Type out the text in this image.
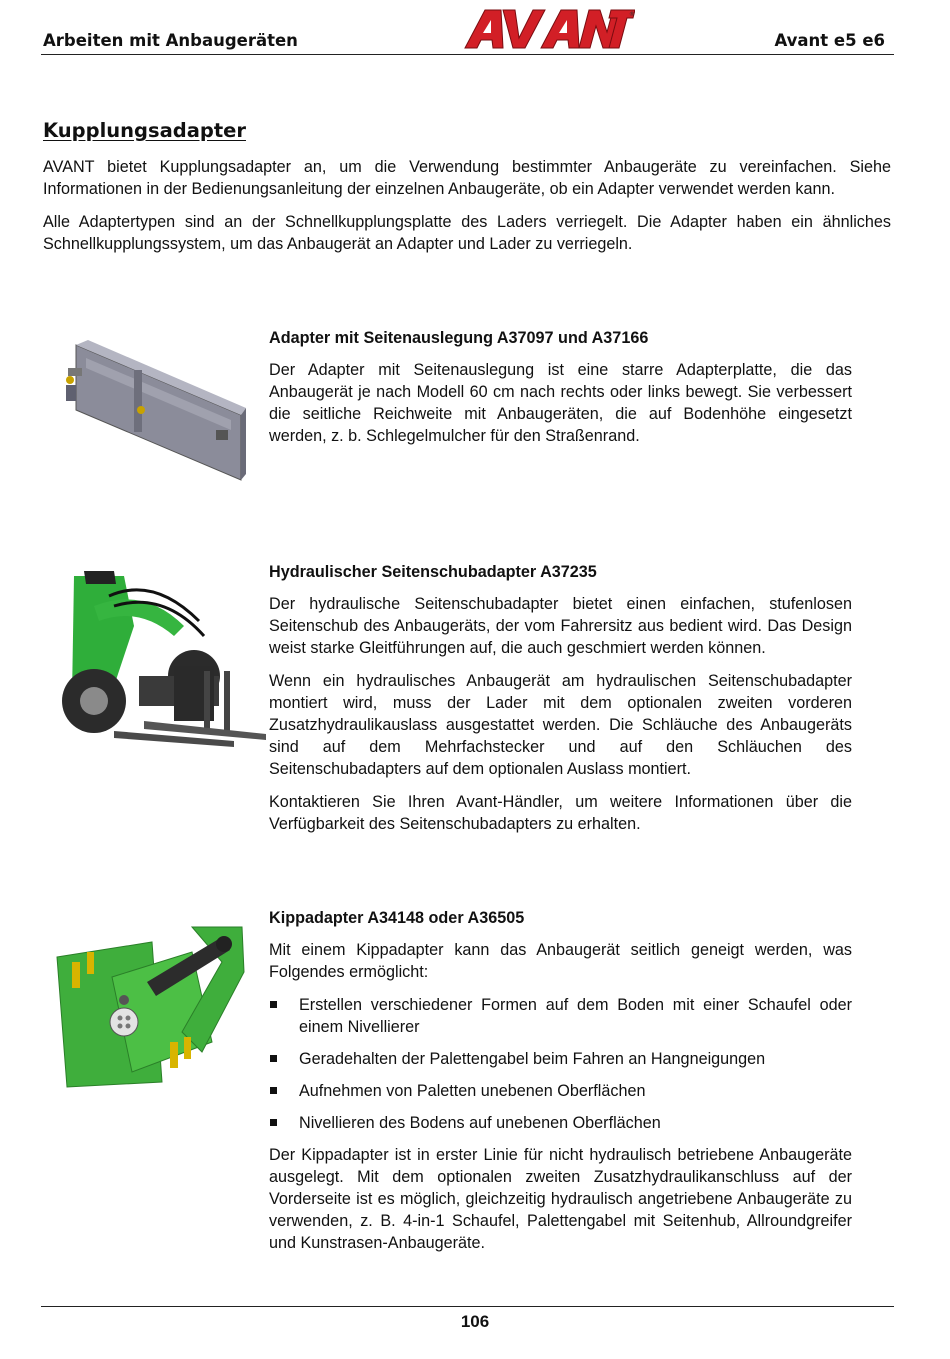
Arbeiten mit Anbaugeräten	Avant e5 e6
®
Kupplungsadapter
AVANT bietet Kupplungsadapter an, um die Verwendung bestimmter Anbaugeräte zu vereinfachen. Siehe Informationen in der Bedienungsanleitung der einzelnen Anbaugeräte, ob ein Adapter verwendet werden kann.
Alle Adaptertypen sind an der Schnellkupplungsplatte des Laders verriegelt. Die Adapter haben ein ähnliches Schnellkupplungssystem, um das Anbaugerät an Adapter und Lader zu verriegeln.
Adapter mit Seitenauslegung A37097 und A37166

Der Adapter mit Seitenauslegung ist eine starre Adapterplatte, die das Anbaugerät je nach Modell 60 cm nach rechts oder links bewegt. Sie verbessert die seitliche Reichweite mit Anbaugeräten, die auf Bodenhöhe eingesetzt werden, z. b. Schlegelmulcher für den Straßenrand.

Hydraulischer Seitenschubadapter A37235

Der hydraulische Seitenschubadapter bietet einen einfachen, stufenlosen Seitenschub des Anbaugeräts, der vom Fahrersitz aus bedient wird. Das Design weist starke Gleitführungen auf, die auch geschmiert werden können.

Wenn ein hydraulisches Anbaugerät am hydraulischen Seitenschubadapter montiert wird, muss der Lader mit dem optionalen zweiten vorderen Zusatzhydraulikauslass ausgestattet werden. Die Schläuche des Anbaugeräts sind auf dem Mehrfachstecker und auf den Schläuchen des Seitenschubadapters auf dem optionalen Auslass montiert.

Kontaktieren Sie Ihren Avant-Händler, um weitere Informationen über die Verfügbarkeit des Seitenschubadapters zu erhalten.

Kippadapter A34148 oder A36505

Mit einem Kippadapter kann das Anbaugerät seitlich geneigt werden, was Folgendes ermöglicht:

Erstellen verschiedener Formen auf dem Boden mit einer Schaufel oder einem Nivellierer
Geradehalten der Palettengabel beim Fahren an Hangneigungen
Aufnehmen von Paletten unebenen Oberflächen
Nivellieren des Bodens auf unebenen Oberflächen

Der Kippadapter ist in erster Linie für nicht hydraulisch betriebene Anbaugeräte ausgelegt. Mit dem optionalen zweiten Zusatzhydraulikanschluss auf der Vorderseite ist es möglich, gleichzeitig hydraulisch angetriebene Anbaugeräte zu verwenden, z. B. 4-in-1 Schaufel, Palettengabel mit Seitenhub, Allroundgreifer und Kunstrasen-Anbaugeräte.

106
